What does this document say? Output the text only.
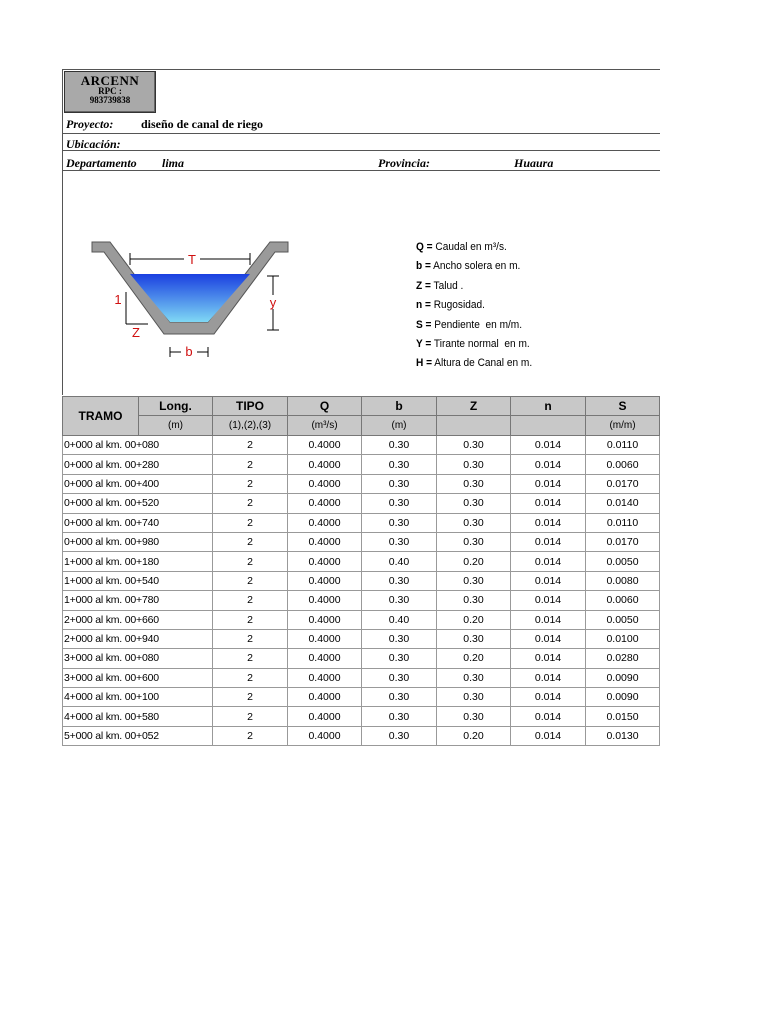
ARCENN
RPC :
983739838
Proyecto: diseño de canal de riego
Ubicación:
Departamento lima	Provincia:	Huaura
T
y
1
Z
b
Q = Caudal en m³/s.
b = Ancho solera en m.
Z = Talud .
n = Rugosidad.
S = Pendiente  en m/m.
Y = Tirante normal  en m.
H = Altura de Canal en m.
TRAMO	Long.	TIPO	Q	b	Z	n	S
	(m)	(1),(2),(3)	(m³/s)	(m)			(m/m)
0+000 al km. 00+080		2	0.4000	0.30	0.30	0.014	0.0110
0+000 al km. 00+280		2	0.4000	0.30	0.30	0.014	0.0060
0+000 al km. 00+400		2	0.4000	0.30	0.30	0.014	0.0170
0+000 al km. 00+520		2	0.4000	0.30	0.30	0.014	0.0140
0+000 al km. 00+740		2	0.4000	0.30	0.30	0.014	0.0110
0+000 al km. 00+980		2	0.4000	0.30	0.30	0.014	0.0170
1+000 al km. 00+180		2	0.4000	0.40	0.20	0.014	0.0050
1+000 al km. 00+540		2	0.4000	0.30	0.30	0.014	0.0080
1+000 al km. 00+780		2	0.4000	0.30	0.30	0.014	0.0060
2+000 al km. 00+660		2	0.4000	0.40	0.20	0.014	0.0050
2+000 al km. 00+940		2	0.4000	0.30	0.30	0.014	0.0100
3+000 al km. 00+080		2	0.4000	0.30	0.20	0.014	0.0280
3+000 al km. 00+600		2	0.4000	0.30	0.30	0.014	0.0090
4+000 al km. 00+100		2	0.4000	0.30	0.30	0.014	0.0090
4+000 al km. 00+580		2	0.4000	0.30	0.30	0.014	0.0150
5+000 al km. 00+052		2	0.4000	0.30	0.20	0.014	0.0130
